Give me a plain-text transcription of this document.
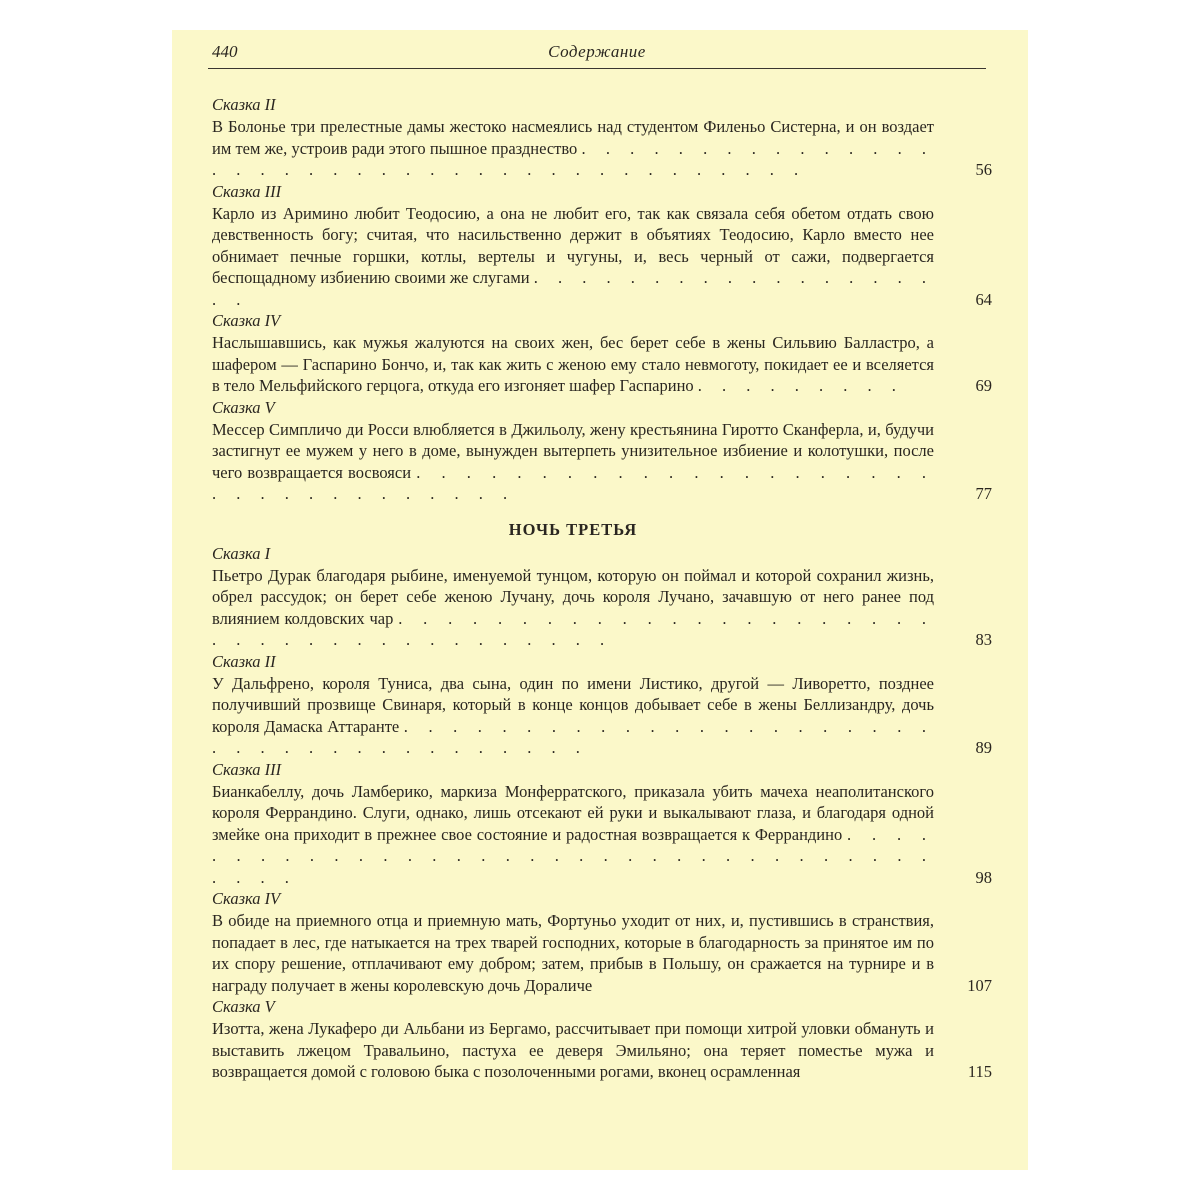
440	Содержание
Сказка II
В Болонье три прелестные дамы жестоко насмеялись над студентом Филеньо Систерна, и он воздает им тем же, устроив ради этого пышное празднество . . . . . . . . . . . . . . . . . . . . . . . . . . . . . . . . . . . . . . . .	56
Сказка III
Карло из Аримино любит Теодосию, а она не любит его, так как связала себя обетом отдать свою девственность богу; считая, что насильственно держит в объятиях Теодосию, Карло вместо нее обнимает печные горшки, котлы, вертелы и чугуны, и, весь черный от сажи, подвергается беспощадному избиению своими же слугами . . . . . . . . . . . . . . . . . . .	64
Сказка IV
Наслышавшись, как мужья жалуются на своих жен, бес берет себе в жены Сильвию Балластро, а шафером — Гаспарино Бончо, и, так как жить с женою ему стало невмоготу, покидает ее и вселяется в тело Мельфийского герцога, откуда его изгоняет шафер Гаспарино . . . . . . . . .	69
Сказка V
Мессер Симпличо ди Росси влюбляется в Джильолу, жену крестьянина Гиротто Сканферла, и, будучи застигнут ее мужем у него в доме, вынужден вытерпеть унизительное избиение и колотушки, после чего возвращается восвояси . . . . . . . . . . . . . . . . . . . . . . . . . . . . . . . . . .	77
НОЧЬ ТРЕТЬЯ
Сказка I
Пьетро Дурак благодаря рыбине, именуемой тунцом, которую он поймал и которой сохранил жизнь, обрел рассудок; он берет себе женою Лучану, дочь короля Лучано, зачавшую от него ранее под влиянием колдовских чар . . . . . . . . . . . . . . . . . . . . . . . . . . . . . . . . . . . . . . .	83
Сказка II
У Дальфрено, короля Туниса, два сына, один по имени Листико, другой — Ливоретто, позднее получивший прозвище Свинаря, который в конце концов добывает себе в жены Беллизандру, дочь короля Дамаска Аттаранте . . . . . . . . . . . . . . . . . . . . . . . . . . . . . . . . . . . . . .	89
Сказка III
Бианкабеллу, дочь Ламберико, маркиза Монферратского, приказала убить мачеха неаполитанского короля Феррандино. Слуги, однако, лишь отсекают ей руки и выкалывают глаза, и благодаря одной змейке она приходит в прежнее свое состояние и радостная возвращается к Феррандино . . . . . . . . . . . . . . . . . . . . . . . . . . . . . . . . . . . . . .	98
Сказка IV
В обиде на приемного отца и приемную мать, Фортуньо уходит от них, и, пустившись в странствия, попадает в лес, где натыкается на трех тварей господних, которые в благодарность за принятое им по их спору решение, отплачивают ему добром; затем, прибыв в Польшу, он сражается на турнире и в награду получает в жены королевскую дочь Дораличе	107
Сказка V
Изотта, жена Лукаферо ди Альбани из Бергамо, рассчитывает при помощи хитрой уловки обмануть и выставить лжецом Травальино, пастуха ее деверя Эмильяно; она теряет поместье мужа и возвращается домой с головою быка с позолоченными рогами, вконец осрамленная	115
